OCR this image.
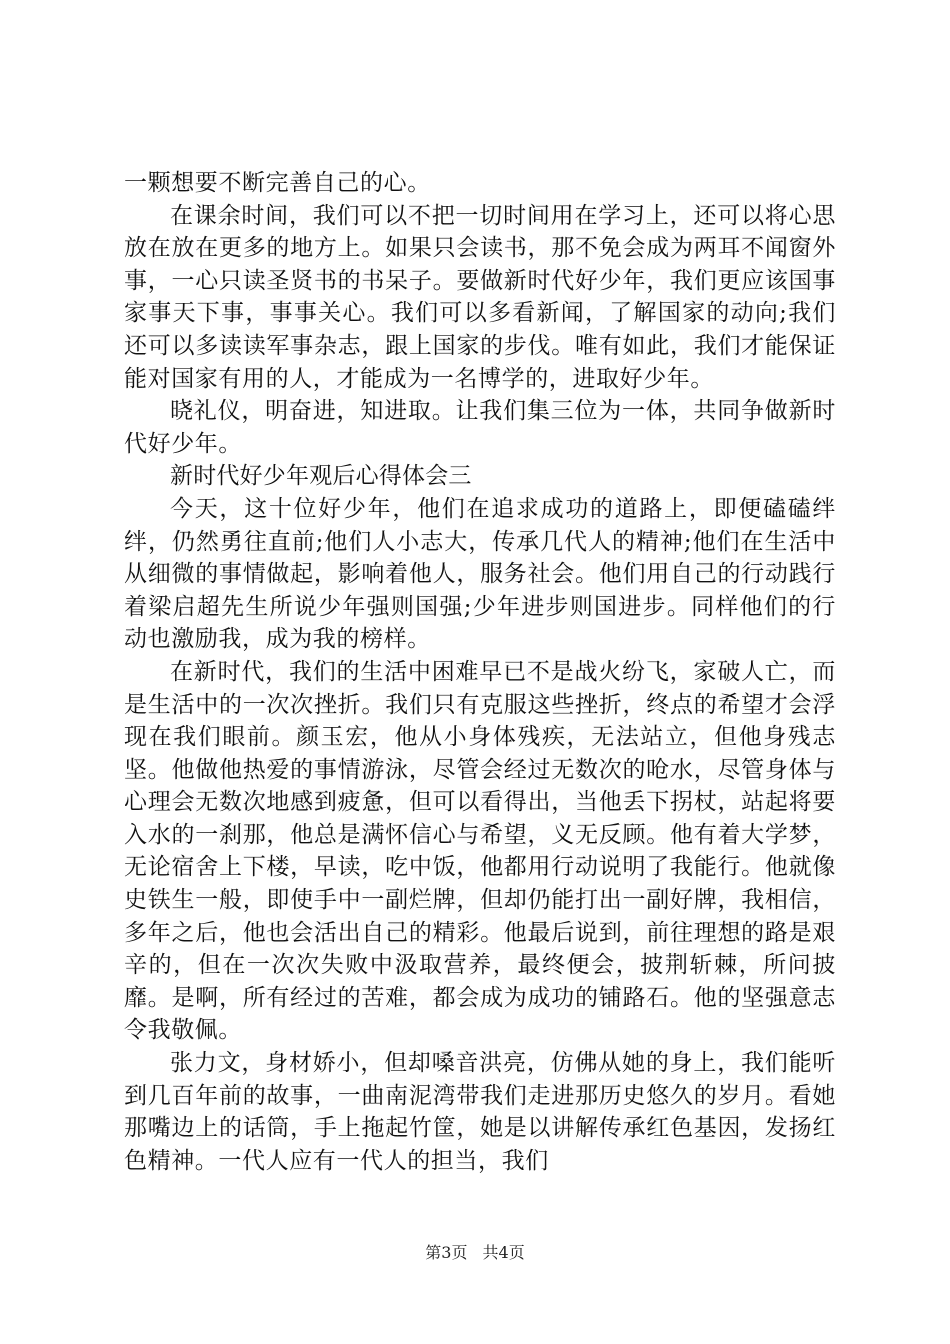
一颗想要不断完善自己的心。

在课余时间，我们可以不把一切时间用在学习上，还可以将心思放在放在更多的地方上。如果只会读书，那不免会成为两耳不闻窗外事，一心只读圣贤书的书呆子。要做新时代好少年，我们更应该国事家事天下事，事事关心。我们可以多看新闻，了解国家的动向;我们还可以多读读军事杂志，跟上国家的步伐。唯有如此，我们才能保证能对国家有用的人，才能成为一名博学的，进取好少年。

晓礼仪，明奋进，知进取。让我们集三位为一体，共同争做新时代好少年。

新时代好少年观后心得体会三

今天，这十位好少年，他们在追求成功的道路上，即便磕磕绊绊，仍然勇往直前;他们人小志大，传承几代人的精神;他们在生活中从细微的事情做起，影响着他人，服务社会。他们用自己的行动践行着梁启超先生所说少年强则国强;少年进步则国进步。同样他们的行动也激励我，成为我的榜样。

在新时代，我们的生活中困难早已不是战火纷飞，家破人亡，而是生活中的一次次挫折。我们只有克服这些挫折，终点的希望才会浮现在我们眼前。颜玉宏，他从小身体残疾，无法站立，但他身残志坚。他做他热爱的事情游泳，尽管会经过无数次的呛水，尽管身体与心理会无数次地感到疲惫，但可以看得出，当他丢下拐杖，站起将要入水的一刹那，他总是满怀信心与希望，义无反顾。他有着大学梦，无论宿舍上下楼，早读，吃中饭，他都用行动说明了我能行。他就像史铁生一般，即使手中一副烂牌，但却仍能打出一副好牌，我相信，多年之后，他也会活出自己的精彩。他最后说到，前往理想的路是艰辛的，但在一次次失败中汲取营养，最终便会，披荆斩棘，所问披靡。是啊，所有经过的苦难，都会成为成功的铺路石。他的坚强意志令我敬佩。

张力文，身材娇小，但却嗓音洪亮，仿佛从她的身上，我们能听到几百年前的故事，一曲南泥湾带我们走进那历史悠久的岁月。看她那嘴边上的话筒，手上拖起竹筐，她是以讲解传承红色基因，发扬红色精神。一代人应有一代人的担当，我们

第3页 共4页
